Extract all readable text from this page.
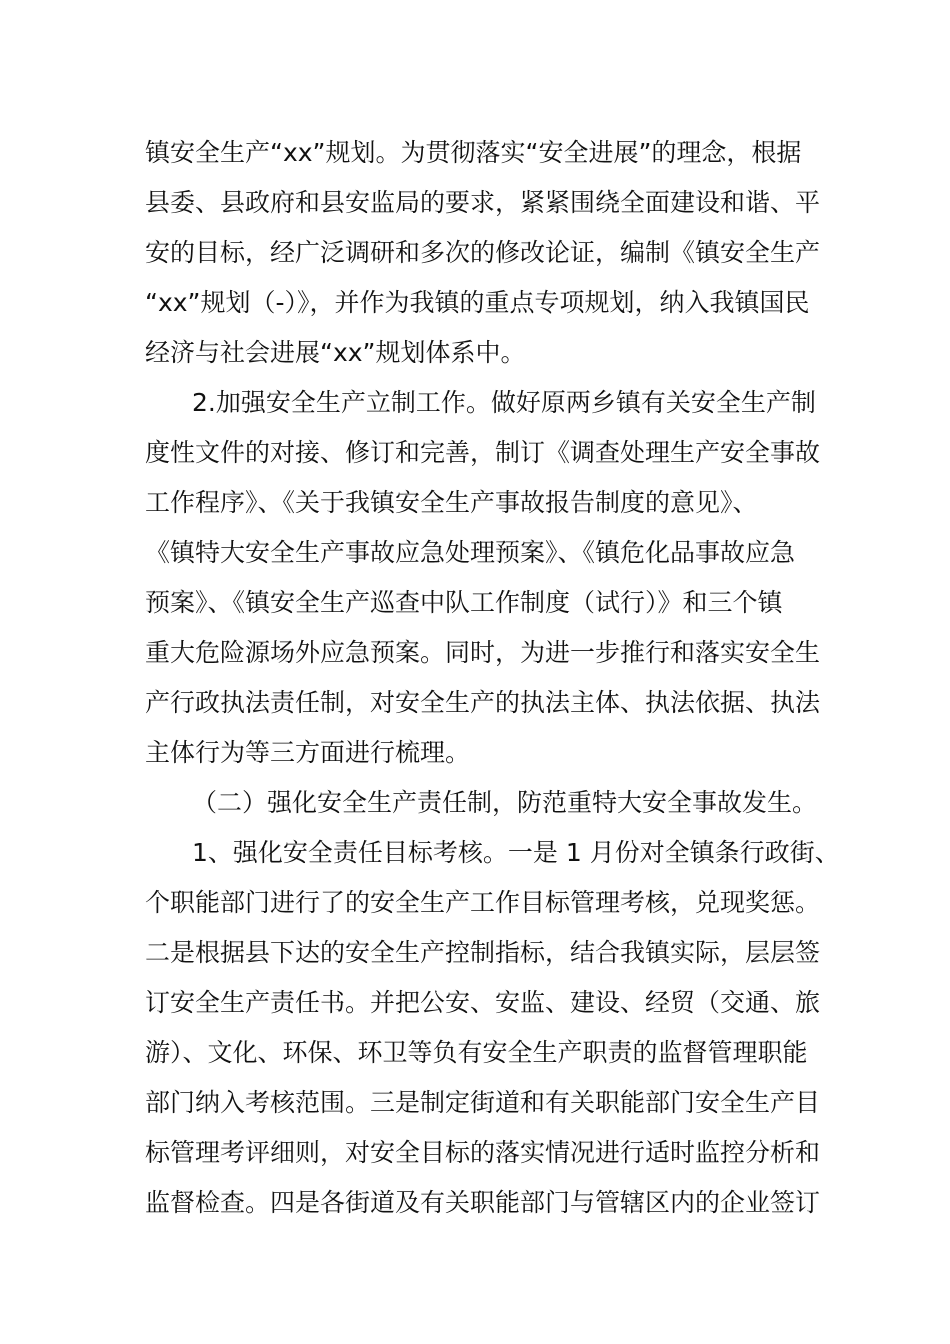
镇安全生产“xx”规划。为贯彻落实“安全进展”的理念，根据
县委、县政府和县安监局的要求，紧紧围绕全面建设和谐、平
安的目标，经广泛调研和多次的修改论证，编制《镇安全生产
“xx”规划（-）》，并作为我镇的重点专项规划，纳入我镇国民
经济与社会进展“xx”规划体系中。
2.加强安全生产立制工作。做好原两乡镇有关安全生产制
度性文件的对接、修订和完善，制订《调查处理生产安全事故
工作程序》、《关于我镇安全生产事故报告制度的意见》、
《镇特大安全生产事故应急处理预案》、《镇危化品事故应急
预案》、《镇安全生产巡查中队工作制度（试行）》和三个镇
重大危险源场外应急预案。同时，为进一步推行和落实安全生
产行政执法责任制，对安全生产的执法主体、执法依据、执法
主体行为等三方面进行梳理。
（二）强化安全生产责任制，防范重特大安全事故发生。
1、强化安全责任目标考核。一是 1 月份对全镇条行政街、
个职能部门进行了的安全生产工作目标管理考核，兑现奖惩。
二是根据县下达的安全生产控制指标，结合我镇实际，层层签
订安全生产责任书。并把公安、安监、建设、经贸（交通、旅
游）、文化、环保、环卫等负有安全生产职责的监督管理职能
部门纳入考核范围。三是制定街道和有关职能部门安全生产目
标管理考评细则，对安全目标的落实情况进行适时监控分析和
监督检查。四是各街道及有关职能部门与管辖区内的企业签订
